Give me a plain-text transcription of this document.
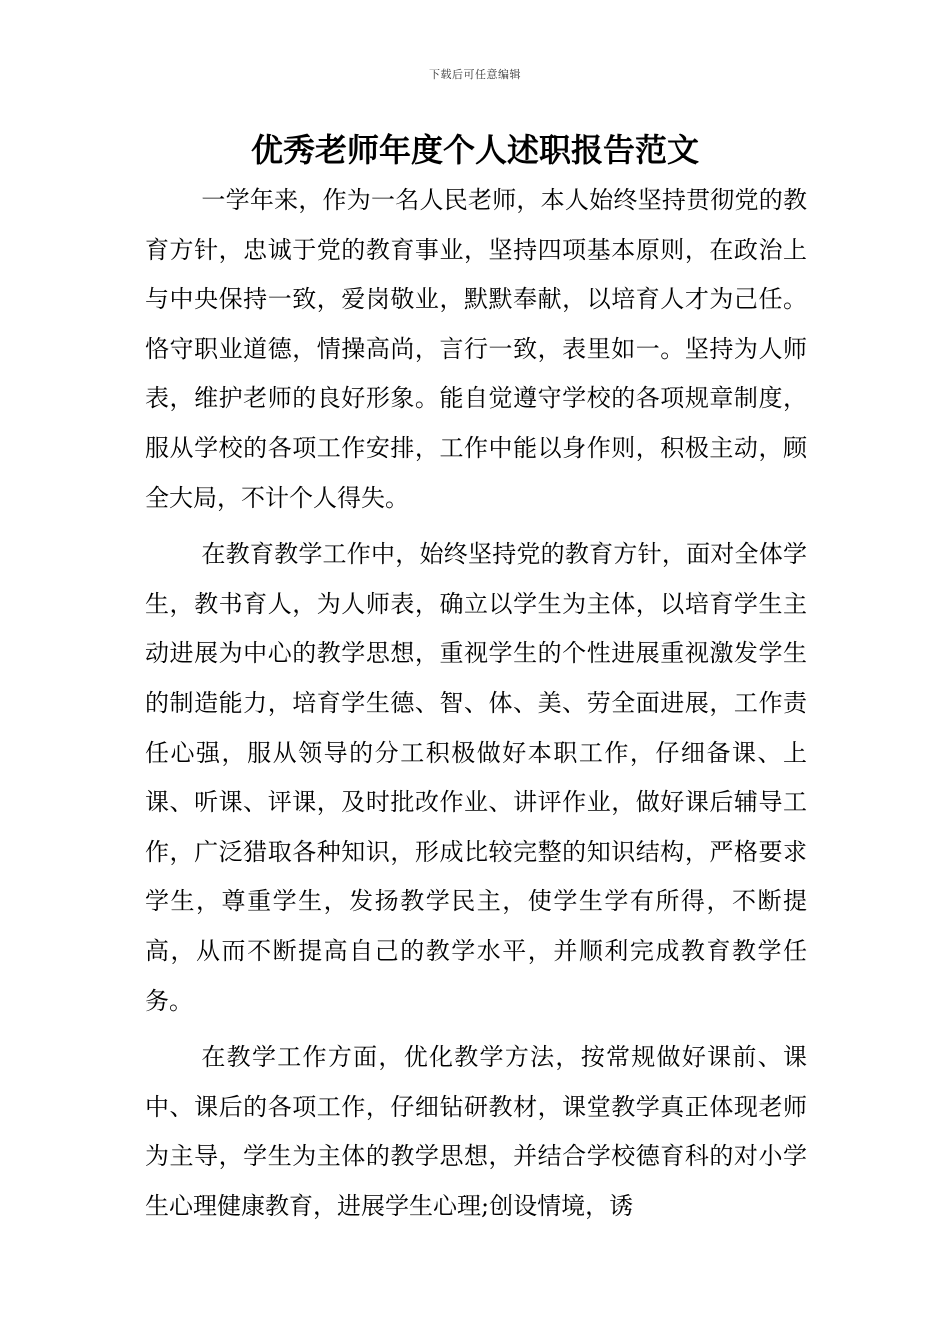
下载后可任意编辑
优秀老师年度个人述职报告范文

一学年来，作为一名人民老师，本人始终坚持贯彻党的教育方针，忠诚于党的教育事业，坚持四项基本原则，在政治上与中央保持一致，爱岗敬业，默默奉献，以培育人才为己任。恪守职业道德，情操高尚，言行一致，表里如一。坚持为人师表，维护老师的良好形象。能自觉遵守学校的各项规章制度，服从学校的各项工作安排，工作中能以身作则，积极主动，顾全大局，不计个人得失。

在教育教学工作中，始终坚持党的教育方针，面对全体学生，教书育人，为人师表，确立以学生为主体，以培育学生主动进展为中心的教学思想，重视学生的个性进展重视激发学生的制造能力，培育学生德、智、体、美、劳全面进展，工作责任心强，服从领导的分工积极做好本职工作，仔细备课、上课、听课、评课，及时批改作业、讲评作业，做好课后辅导工作，广泛猎取各种知识，形成比较完整的知识结构，严格要求学生，尊重学生，发扬教学民主，使学生学有所得，不断提高，从而不断提高自己的教学水平，并顺利完成教育教学任务。

在教学工作方面，优化教学方法，按常规做好课前、课中、课后的各项工作，仔细钻研教材，课堂教学真正体现老师为主导，学生为主体的教学思想，并结合学校德育科的对小学生心理健康教育，进展学生心理;创设情境，诱
